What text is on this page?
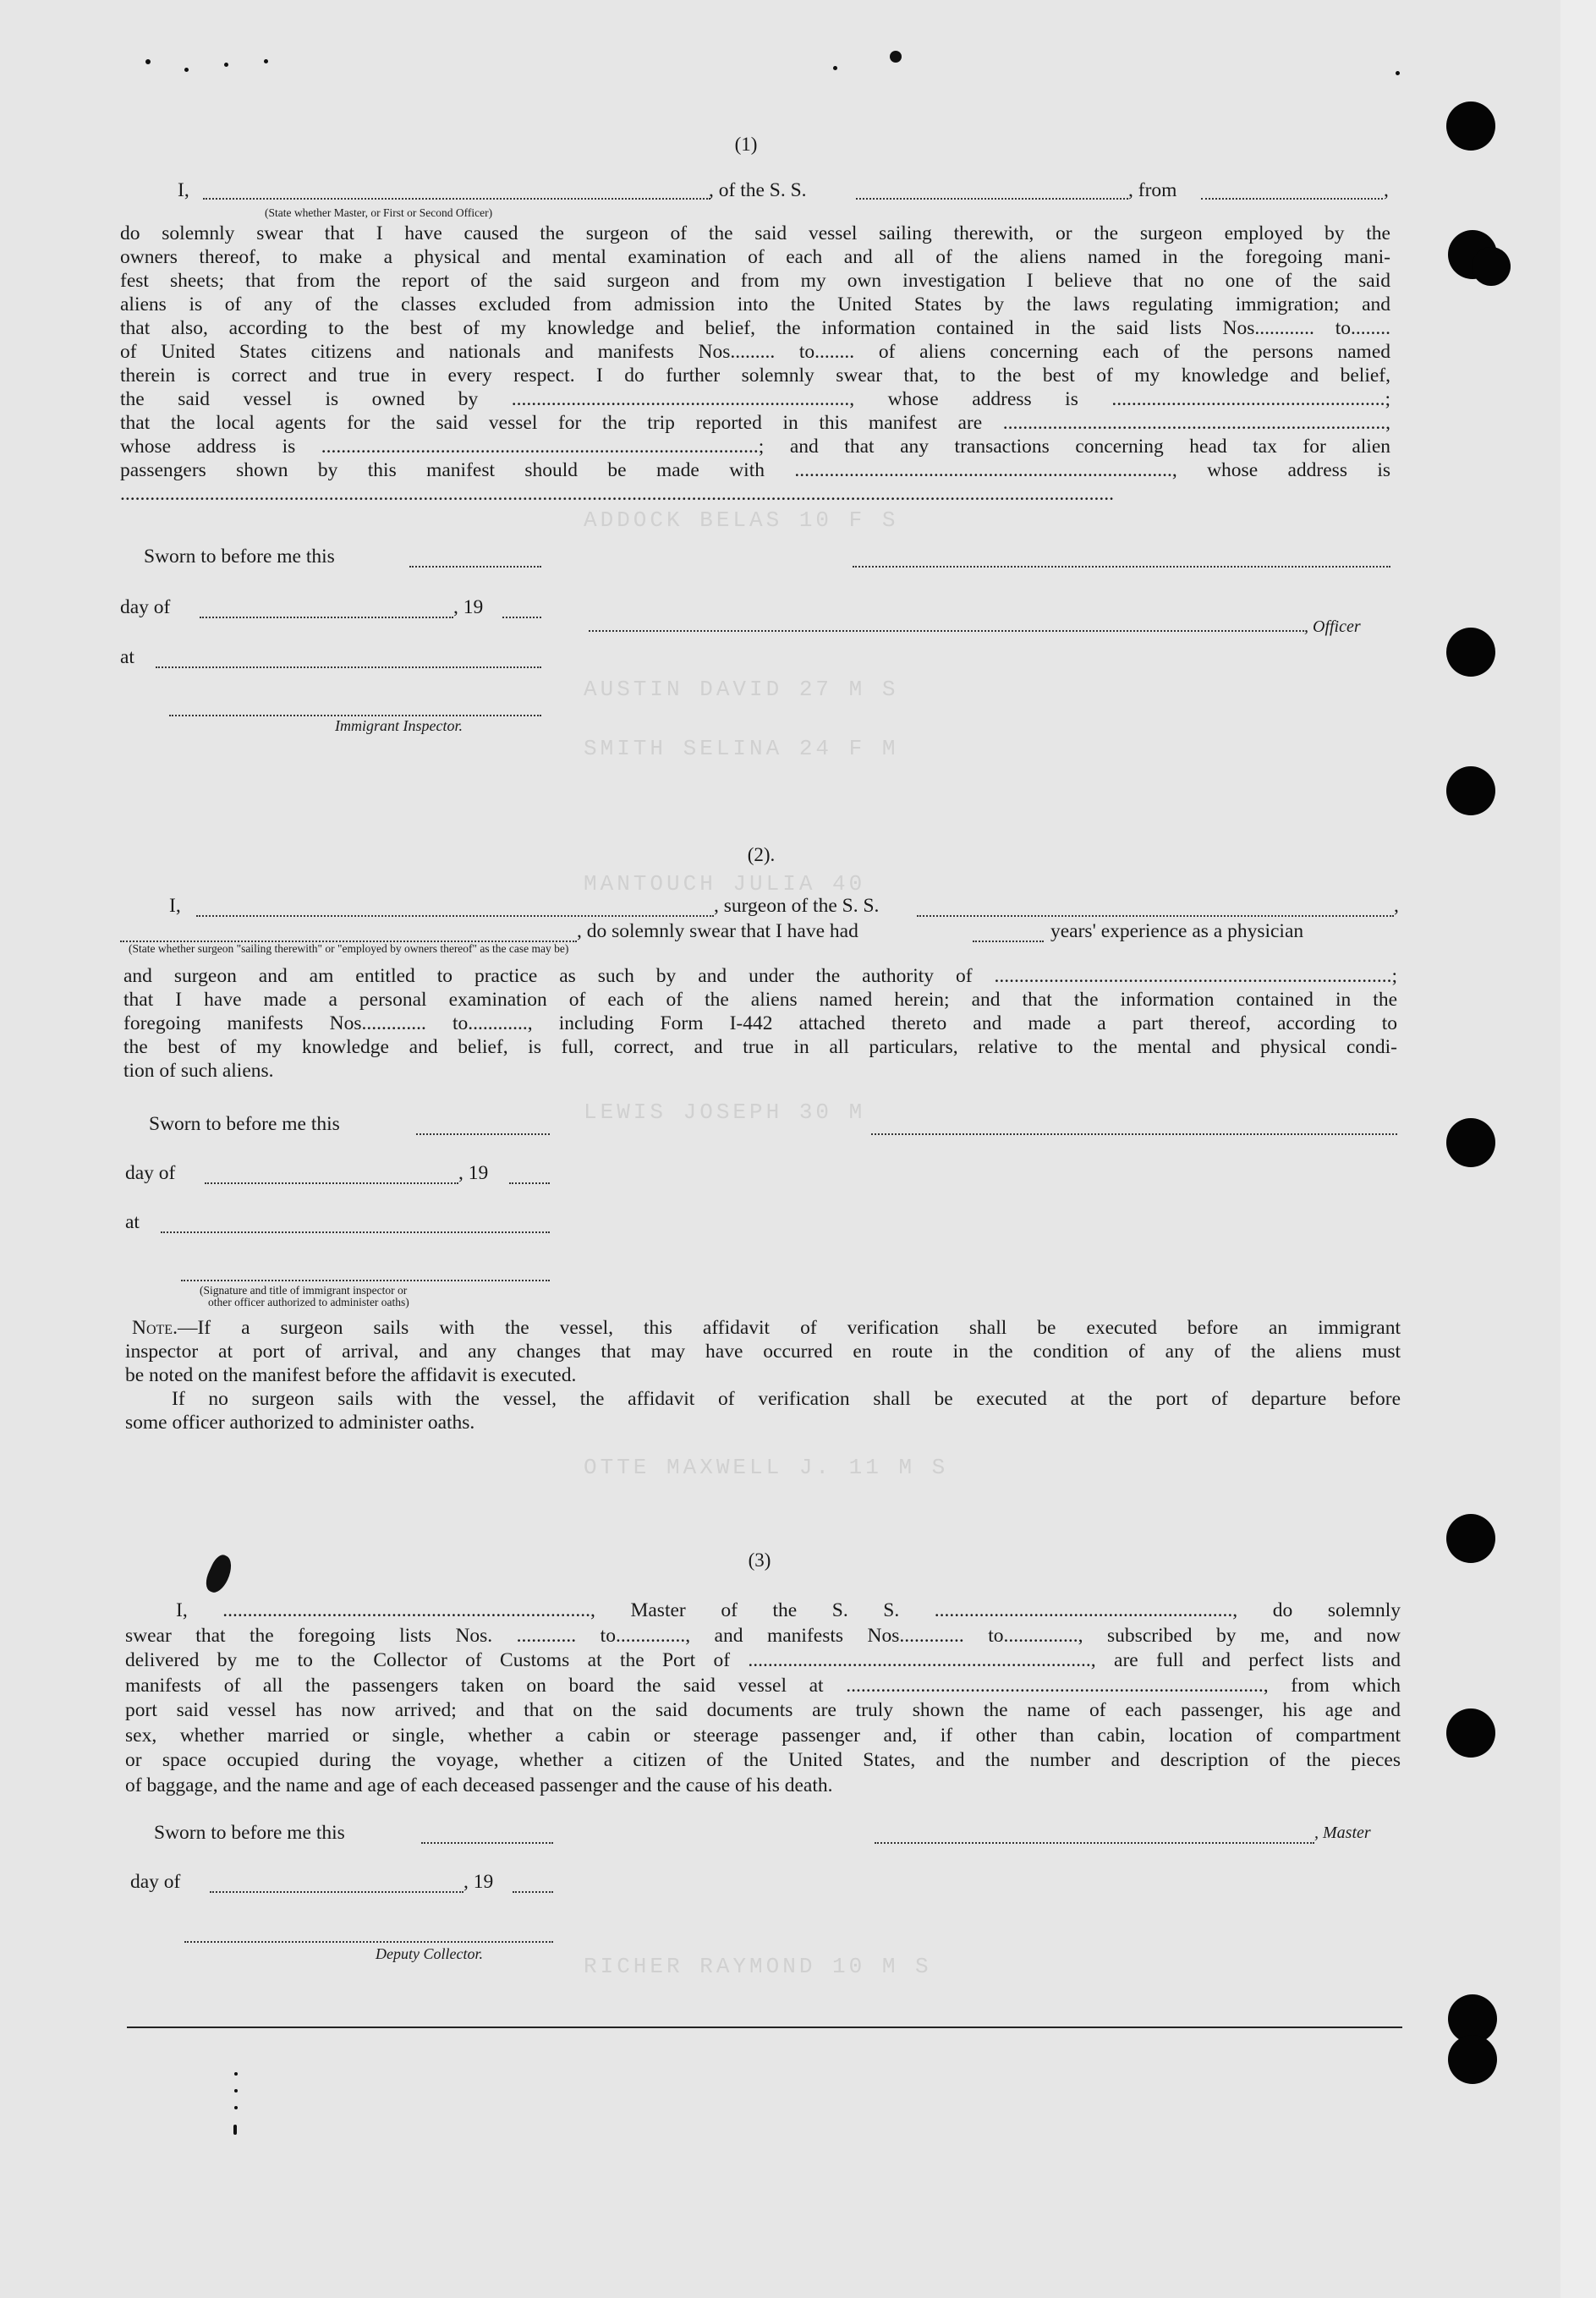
ADDOCK BELAS 10 F S
AUSTIN DAVID 27 M S
SMITH SELINA 24 F M
MANTOUCH JULIA 40
LEWIS JOSEPH 30 M
OTTE MAXWELL J. 11 M S
RICHER RAYMOND 10 M S
(1)
I,	, of the S. S.	, from	,
(State whether Master, or First or Second Officer)
do solemnly swear that I have caused the surgeon of the said vessel sailing therewith, or the surgeon employed by the
owners thereof, to make a physical and mental examination of each and all of the aliens named in the foregoing mani-
fest sheets; that from the report of the said surgeon and from my own investigation I believe that no one of the said
aliens is of any of the classes excluded from admission into the United States by the laws regulating immigration; and
that also, according to the best of my knowledge and belief, the information contained in the said lists Nos............ to........
of United States citizens and nationals and manifests Nos......... to........ of aliens concerning each of the persons named
therein is correct and true in every respect. I do further solemnly swear that, to the best of my knowledge and belief,
the said vessel is owned by ...................................................................., whose address is .......................................................;
that the local agents for the said vessel for the trip reported in this manifest are .............................................................................,
whose address is ........................................................................................; and that any transactions concerning head tax for alien
passengers shown by this manifest should be made with ............................................................................, whose address is
........................................................................................................................................................................................................
Sworn to before me this
day of	, 19
, Officer
at
Immigrant Inspector.
(2).
I,	, surgeon of the S. S.	,
, do solemnly swear that I have had	years' experience as a physician
(State whether surgeon "sailing therewith" or "employed by owners thereof" as the case may be)
and surgeon and am entitled to practice as such by and under the authority of ................................................................................;
that I have made a personal examination of each of the aliens named herein; and that the information contained in the
foregoing manifests Nos............. to............, including Form I-442 attached thereto and made a part thereof, according to
the best of my knowledge and belief, is full, correct, and true in all particulars, relative to the mental and physical condi-
tion of such aliens.
Sworn to before me this
day of	, 19
at
(Signature and title of immigrant inspector or
other officer authorized to administer oaths)
Note.—If a surgeon sails with the vessel, this affidavit of verification shall be executed before an immigrant
inspector at port of arrival, and any changes that may have occurred en route in the condition of any of the aliens must
be noted on the manifest before the affidavit is executed.
If no surgeon sails with the vessel, the affidavit of verification shall be executed at the port of departure before
some officer authorized to administer oaths.
(3)
I, .........................................................................., Master of the S. S. ............................................................, do solemnly
swear that the foregoing lists Nos. ............ to.............., and manifests Nos............. to..............., subscribed by me, and now
delivered by me to the Collector of Customs at the Port of ....................................................................., are full and perfect lists and
manifests of all the passengers taken on board the said vessel at ...................................................................................., from which
port said vessel has now arrived; and that on the said documents are truly shown the name of each passenger, his age and
sex, whether married or single, whether a cabin or steerage passenger and, if other than cabin, location of compartment
or space occupied during the voyage, whether a citizen of the United States, and the number and description of the pieces
of baggage, and the name and age of each deceased passenger and the cause of his death.
Sworn to before me this	, Master
day of	, 19
Deputy Collector.
